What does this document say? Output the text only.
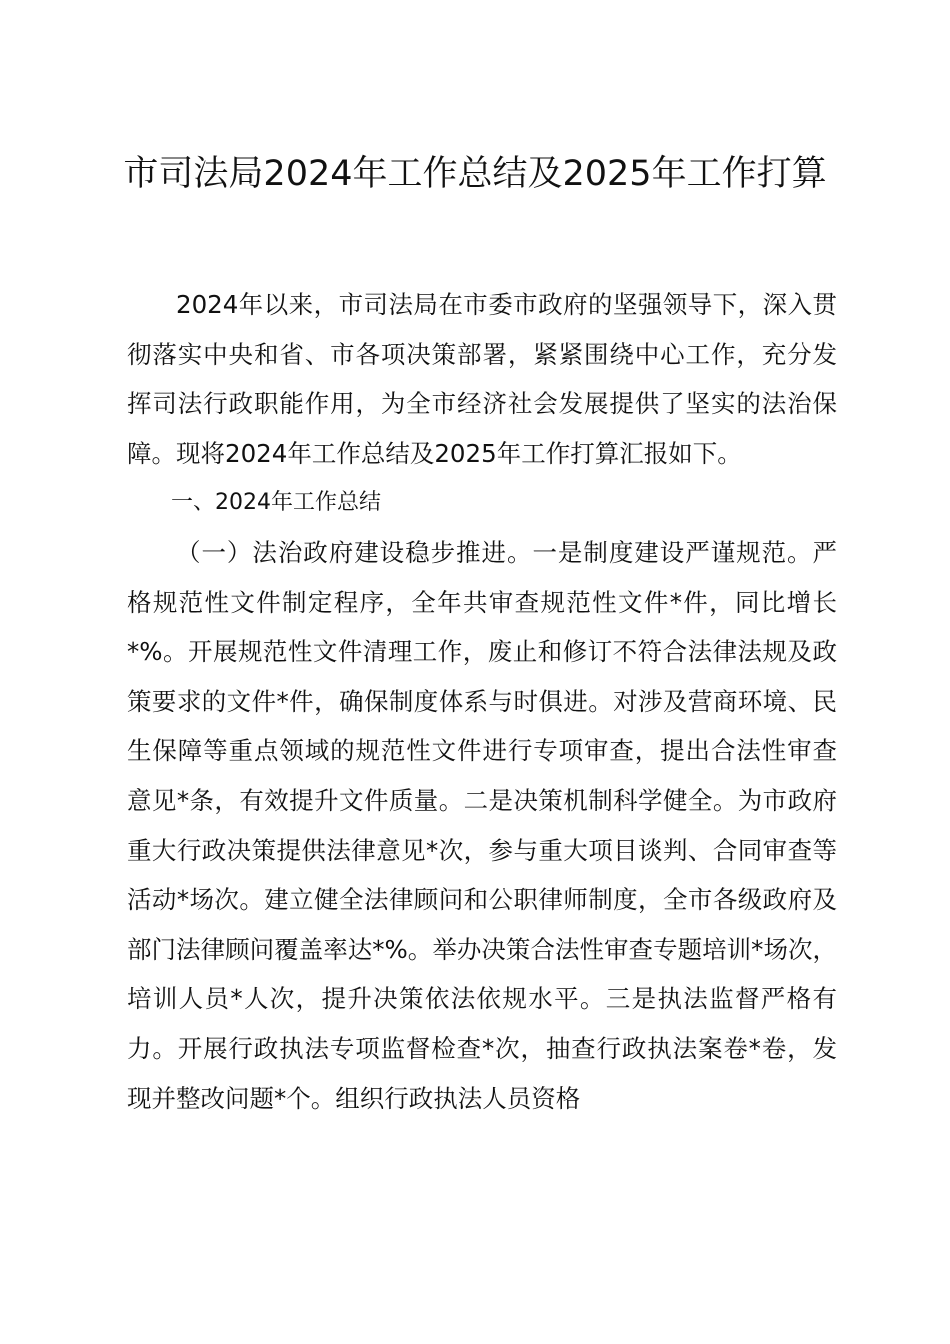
市司法局2024年工作总结及2025年工作打算

2024年以来，市司法局在市委市政府的坚强领导下，深入贯彻落实中央和省、市各项决策部署，紧紧围绕中心工作，充分发挥司法行政职能作用，为全市经济社会发展提供了坚实的法治保障。现将2024年工作总结及2025年工作打算汇报如下。

一、2024年工作总结

（一）法治政府建设稳步推进。一是制度建设严谨规范。严格规范性文件制定程序，全年共审查规范性文件*件，同比增长*%。开展规范性文件清理工作，废止和修订不符合法律法规及政策要求的文件*件，确保制度体系与时俱进。对涉及营商环境、民生保障等重点领域的规范性文件进行专项审查，提出合法性审查意见*条，有效提升文件质量。二是决策机制科学健全。为市政府重大行政决策提供法律意见*次，参与重大项目谈判、合同审查等活动*场次。建立健全法律顾问和公职律师制度，全市各级政府及部门法律顾问覆盖率达*%。举办决策合法性审查专题培训*场次，培训人员*人次，提升决策依法依规水平。三是执法监督严格有力。开展行政执法专项监督检查*次，抽查行政执法案卷*卷，发现并整改问题*个。组织行政执法人员资格
